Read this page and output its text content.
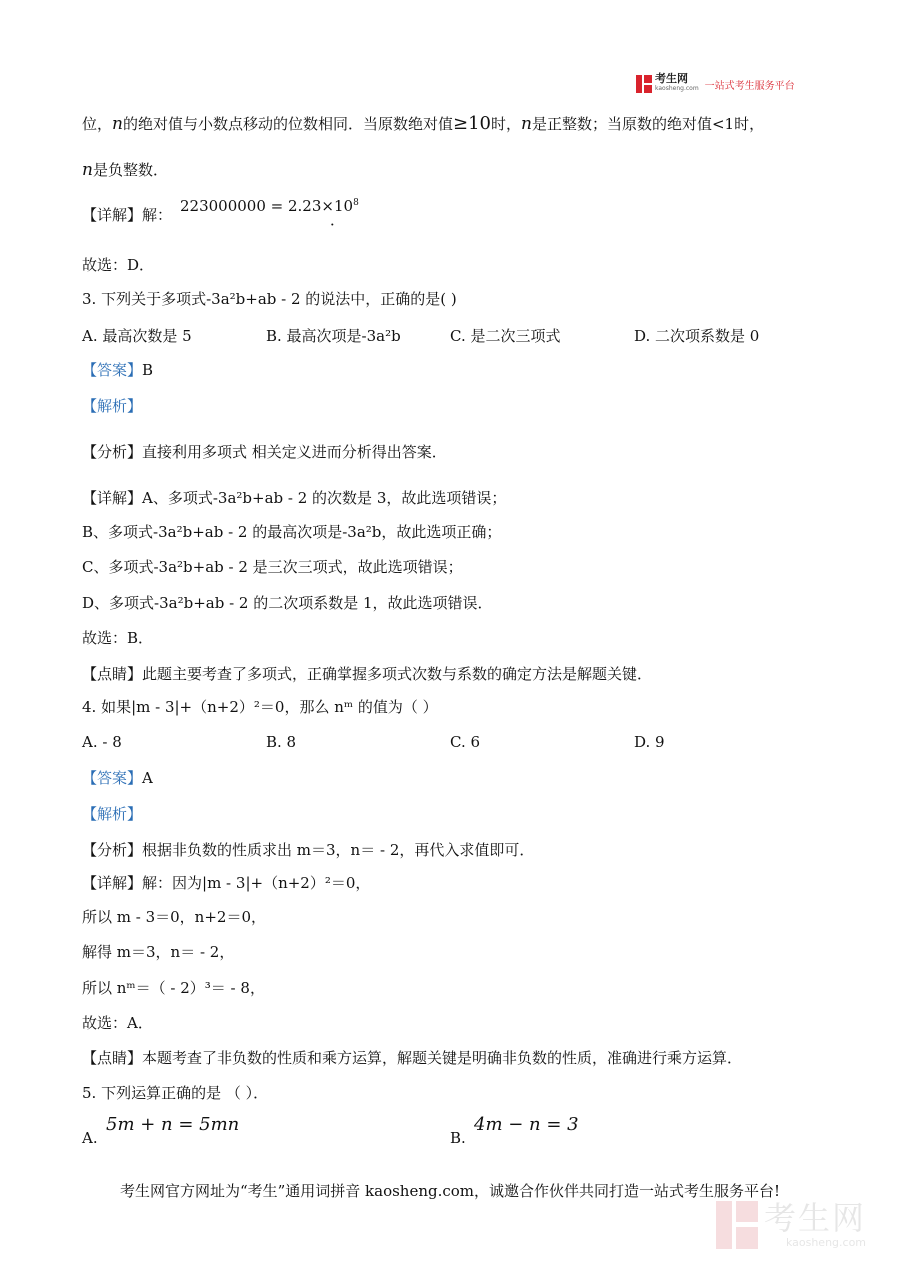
考生网
kaosheng.com 一站式考生服务平台
位，n的绝对值与小数点移动的位数相同．当原数绝对值≥10时，n是正整数；当原数的绝对值<1时，
n是负整数．
【详解】解： $223000000 = 2.23\times 10^8$
．
故选：D．
3. 下列关于多项式-3a²b+ab - 2 的说法中，正确的是( )
A. 最高次数是 5	B. 最高次项是-3a²b	C. 是二次三项式	D. 二次项系数是 0
【答案】B
【解析】
【分析】直接利用多项式 相关定义进而分析得出答案．
【详解】A、多项式-3a²b+ab - 2 的次数是 3，故此选项错误；
B、多项式-3a²b+ab - 2 的最高次项是-3a²b，故此选项正确；
C、多项式-3a²b+ab - 2 是三次三项式，故此选项错误；
D、多项式-3a²b+ab - 2 的二次项系数是 1，故此选项错误．
故选：B．
【点睛】此题主要考查了多项式，正确掌握多项式次数与系数的确定方法是解题关键．
4. 如果|m - 3|+（n+2）²＝0，那么 nᵐ 的值为（ ）
A. - 8	B. 8	C. 6	D. 9
【答案】A
【解析】
【分析】根据非负数的性质求出 m＝3，n＝ - 2，再代入求值即可．
【详解】解：因为|m - 3|+（n+2）²＝0，
所以 m - 3＝0，n+2＝0，
解得 m＝3，n＝ - 2，
所以 nᵐ＝（ - 2）³＝ - 8，
故选：A．
【点睛】本题考查了非负数的性质和乘方运算，解题关键是明确非负数的性质，准确进行乘方运算．
5. 下列运算正确的是 （ ）．
A.
5m + n = 5mn
B.
4m − n = 3
考生网官方网址为“考生”通用词拼音 kaosheng.com，诚邀合作伙伴共同打造一站式考生服务平台!
考生网
kaosheng.com
